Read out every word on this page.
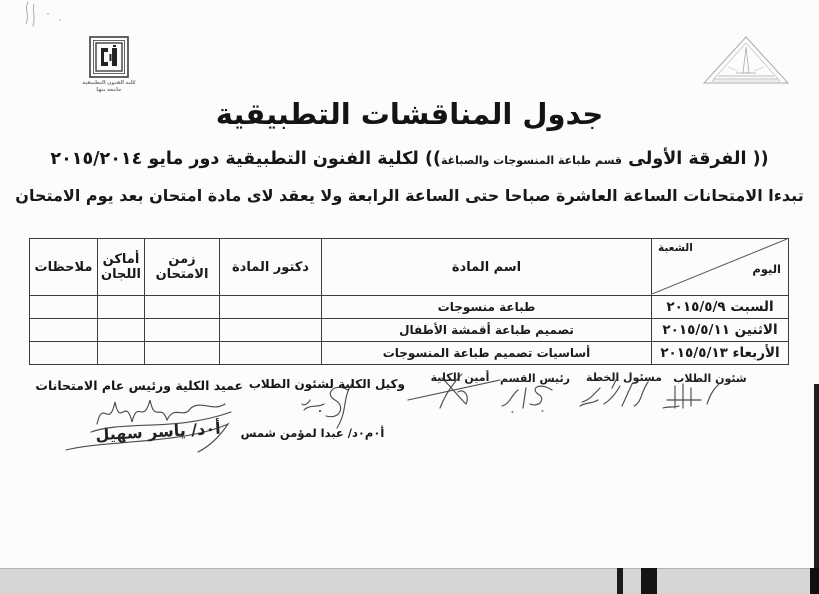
كلية الفنون التطبيقية
جامعة بنها
جدول المناقشات التطبيقية
(( الفرقة الأولى قسم طباعة المنسوجات والصباغة)) لكلية الفنون التطبيقية دور مايو ٢٠١٥/٢٠١٤
تبدءا الامتحانات الساعة العاشرة صباحا حتى الساعة الرابعة ولا يعقد لاى مادة امتحان بعد يوم الامتحان
الشعبة
اليوم	اسم المادة	دكتور المادة	زمن الامتحان	أماكن اللجان	ملاحظات
السبت ٢٠١٥/٥/٩	طباعة منسوجات				
الاثنين ٢٠١٥/٥/١١	تصميم طباعة أقمشة الأطفال				
الأربعاء ٢٠١٥/٥/١٣	أساسيات تصميم طباعة المنسوجات				
شئون الطلاب
مسئول الخطة
رئيس القسم
أمين الكلية
وكيل الكلية لشئون الطلاب
عميد الكلية ورئيس عام الامتحانات
أ٠م٠د/ عبدا لمؤمن شمس
أ٠د/ ياسر سهيل
